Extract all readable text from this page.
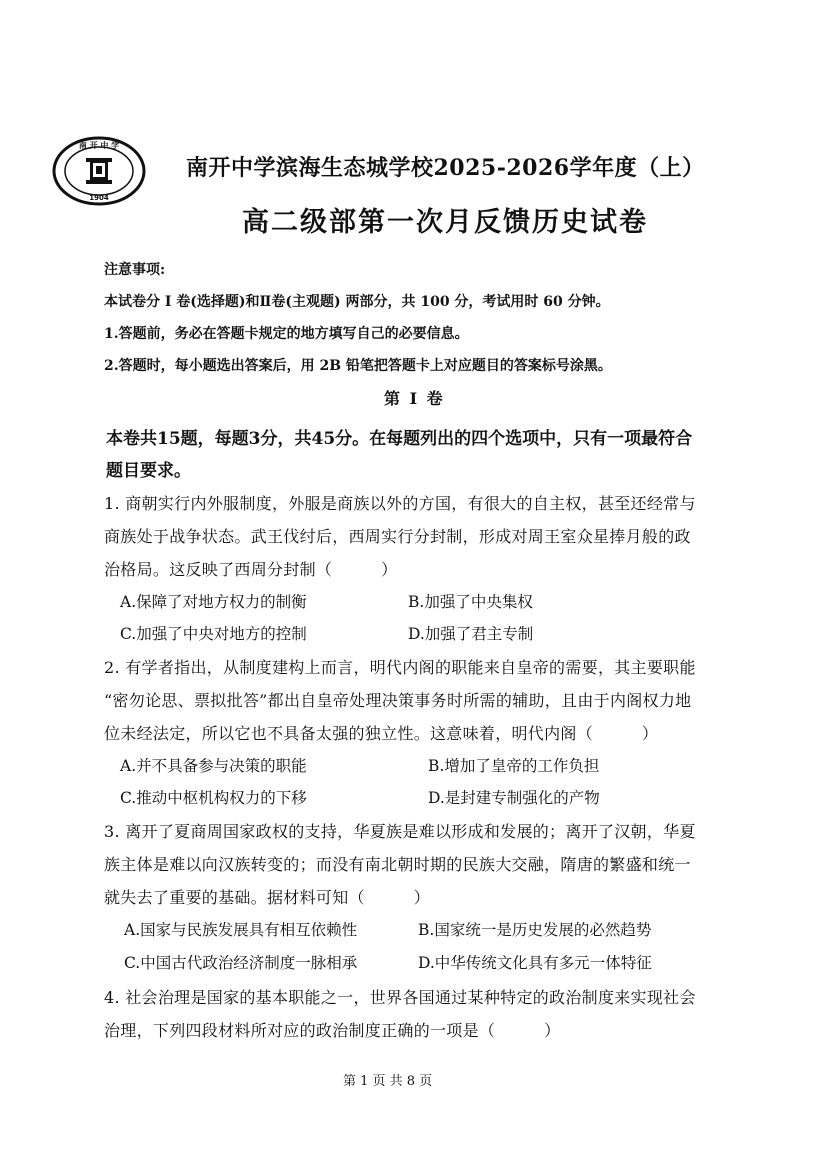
南 开 中 学
1904
南开中学滨海生态城学校2025-2026学年度（上）
高二级部第一次月反馈历史试卷
注意事项:
本试卷分 I 卷(选择题)和Ⅱ卷(主观题) 两部分，共 100 分，考试用时 60 分钟。
1.答题前，务必在答题卡规定的地方填写自己的必要信息。
2.答题时，每小题选出答案后，用 2B 铅笔把答题卡上对应题目的答案标号涂黑。
第 I 卷
本卷共15题，每题3分，共45分。在每题列出的四个选项中，只有一项最符合
题目要求。
1. 商朝实行内外服制度，外服是商族以外的方国，有很大的自主权，甚至还经常与
商族处于战争状态。武王伐纣后，西周实行分封制，形成对周王室众星捧月般的政
治格局。这反映了西周分封制（　　　）
A.保障了对地方权力的制衡	B.加强了中央集权
C.加强了中央对地方的控制	D.加强了君主专制
2. 有学者指出，从制度建构上而言，明代内阁的职能来自皇帝的需要，其主要职能
“密勿论思、票拟批答”都出自皇帝处理决策事务时所需的辅助，且由于内阁权力地
位未经法定，所以它也不具备太强的独立性。这意味着，明代内阁（　　　）
A.并不具备参与决策的职能	B.增加了皇帝的工作负担
C.推动中枢机构权力的下移	D.是封建专制强化的产物
3. 离开了夏商周国家政权的支持，华夏族是难以形成和发展的；离开了汉朝，华夏
族主体是难以向汉族转变的；而没有南北朝时期的民族大交融，隋唐的繁盛和统一
就失去了重要的基础。据材料可知（　　　）
A.国家与民族发展具有相互依赖性	B.国家统一是历史发展的必然趋势
C.中国古代政治经济制度一脉相承	D.中华传统文化具有多元一体特征
4. 社会治理是国家的基本职能之一，世界各国通过某种特定的政治制度来实现社会
治理，下列四段材料所对应的政治制度正确的一项是（　　　）
第 1 页 共 8 页
